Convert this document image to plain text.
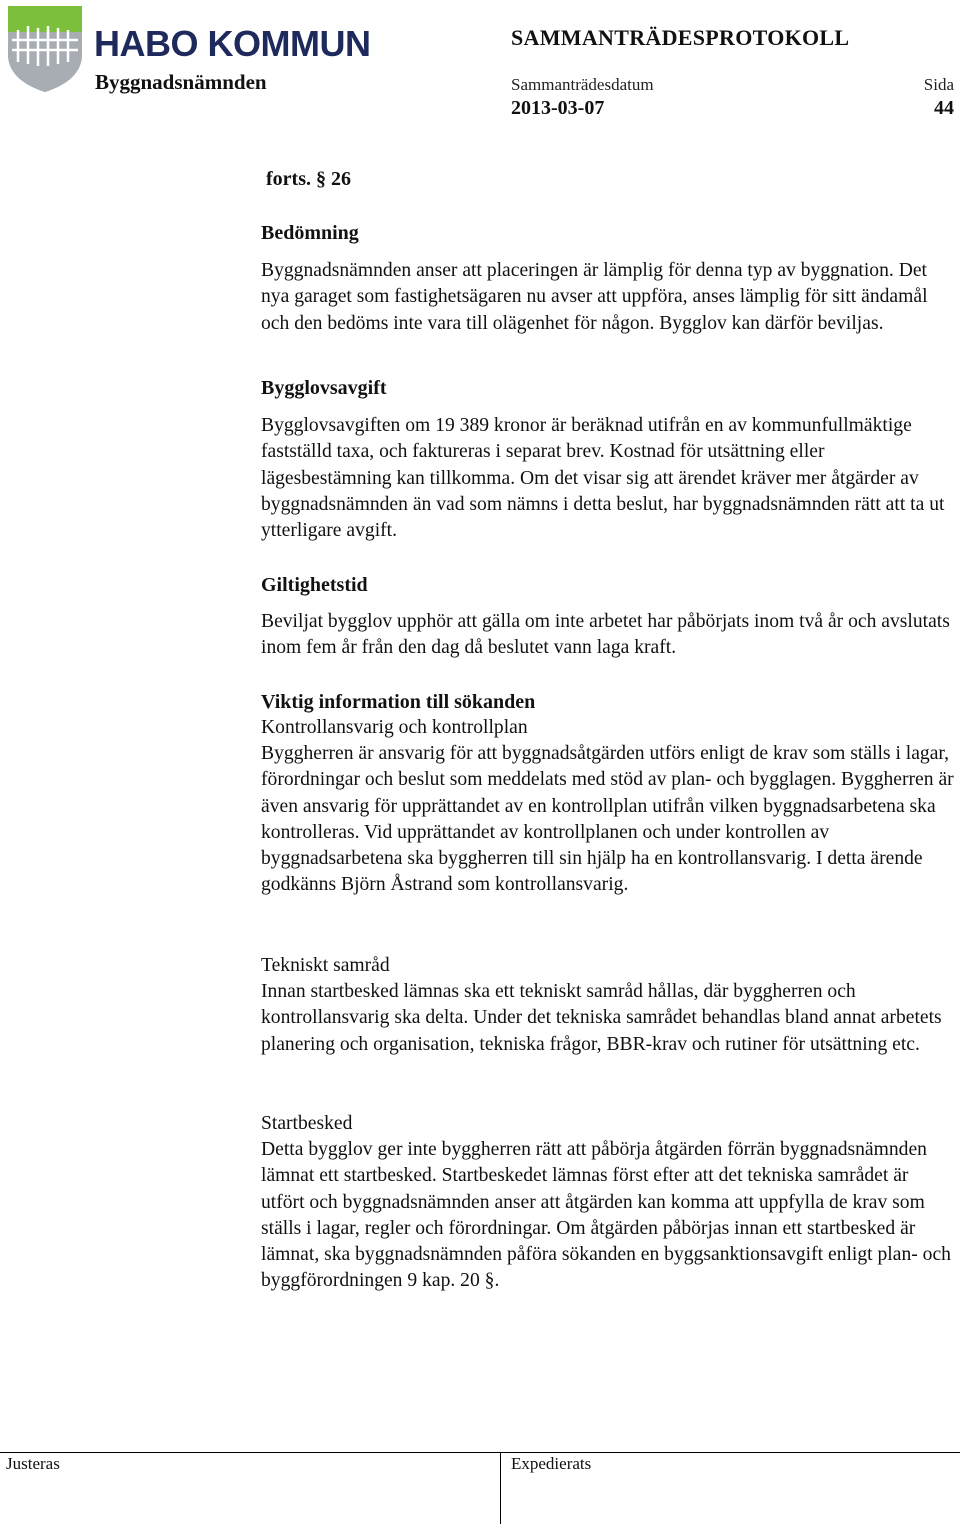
HABO KOMMUN
Byggnadsnämnden
SAMMANTRÄDESPROTOKOLL
Sammanträdesdatum
2013-03-07
Sida
44
forts. § 26
Bedömning

Byggnadsnämnden anser att placeringen är lämplig för denna typ av byggnation. Det nya garaget som fastighetsägaren nu avser att uppföra, anses lämplig för sitt ändamål och den bedöms inte vara till olägenhet för någon. Bygglov kan därför beviljas.

Bygglovsavgift

Bygglovsavgiften om 19 389 kronor är beräknad utifrån en av kommunfullmäktige fastställd taxa, och faktureras i separat brev. Kostnad för utsättning eller lägesbestämning kan tillkomma. Om det visar sig att ärendet kräver mer åtgärder av byggnadsnämnden än vad som nämns i detta beslut, har byggnadsnämnden rätt att ta ut ytterligare avgift.

Giltighetstid

Beviljat bygglov upphör att gälla om inte arbetet har påbörjats inom två år och avslutats inom fem år från den dag då beslutet vann laga kraft.

Viktig information till sökanden
Kontrollansvarig och kontrollplan

Byggherren är ansvarig för att byggnadsåtgärden utförs enligt de krav som ställs i lagar, förordningar och beslut som meddelats med stöd av plan- och bygglagen. Byggherren är även ansvarig för upprättandet av en kontrollplan utifrån vilken byggnadsarbetena ska kontrolleras. Vid upprättandet av kontrollplanen och under kontrollen av byggnadsarbetena ska byggherren till sin hjälp ha en kontrollansvarig. I detta ärende godkänns Björn Åstrand som kontrollansvarig.

Tekniskt samråd

Innan startbesked lämnas ska ett tekniskt samråd hållas, där byggherren och kontrollansvarig ska delta. Under det tekniska samrådet behandlas bland annat arbetets planering och organisation, tekniska frågor, BBR-krav och rutiner för utsättning etc.

Startbesked

Detta bygglov ger inte byggherren rätt att påbörja åtgärden förrän byggnadsnämnden lämnat ett startbesked. Startbeskedet lämnas först efter att det tekniska samrådet är utfört och byggnadsnämnden anser att åtgärden kan komma att uppfylla de krav som ställs i lagar, regler och förordningar. Om åtgärden påbörjas innan ett startbesked är lämnat, ska byggnadsnämnden påföra sökanden en byggsanktionsavgift enligt plan- och byggförordningen 9 kap. 20 §.

Justeras	Expedierats
